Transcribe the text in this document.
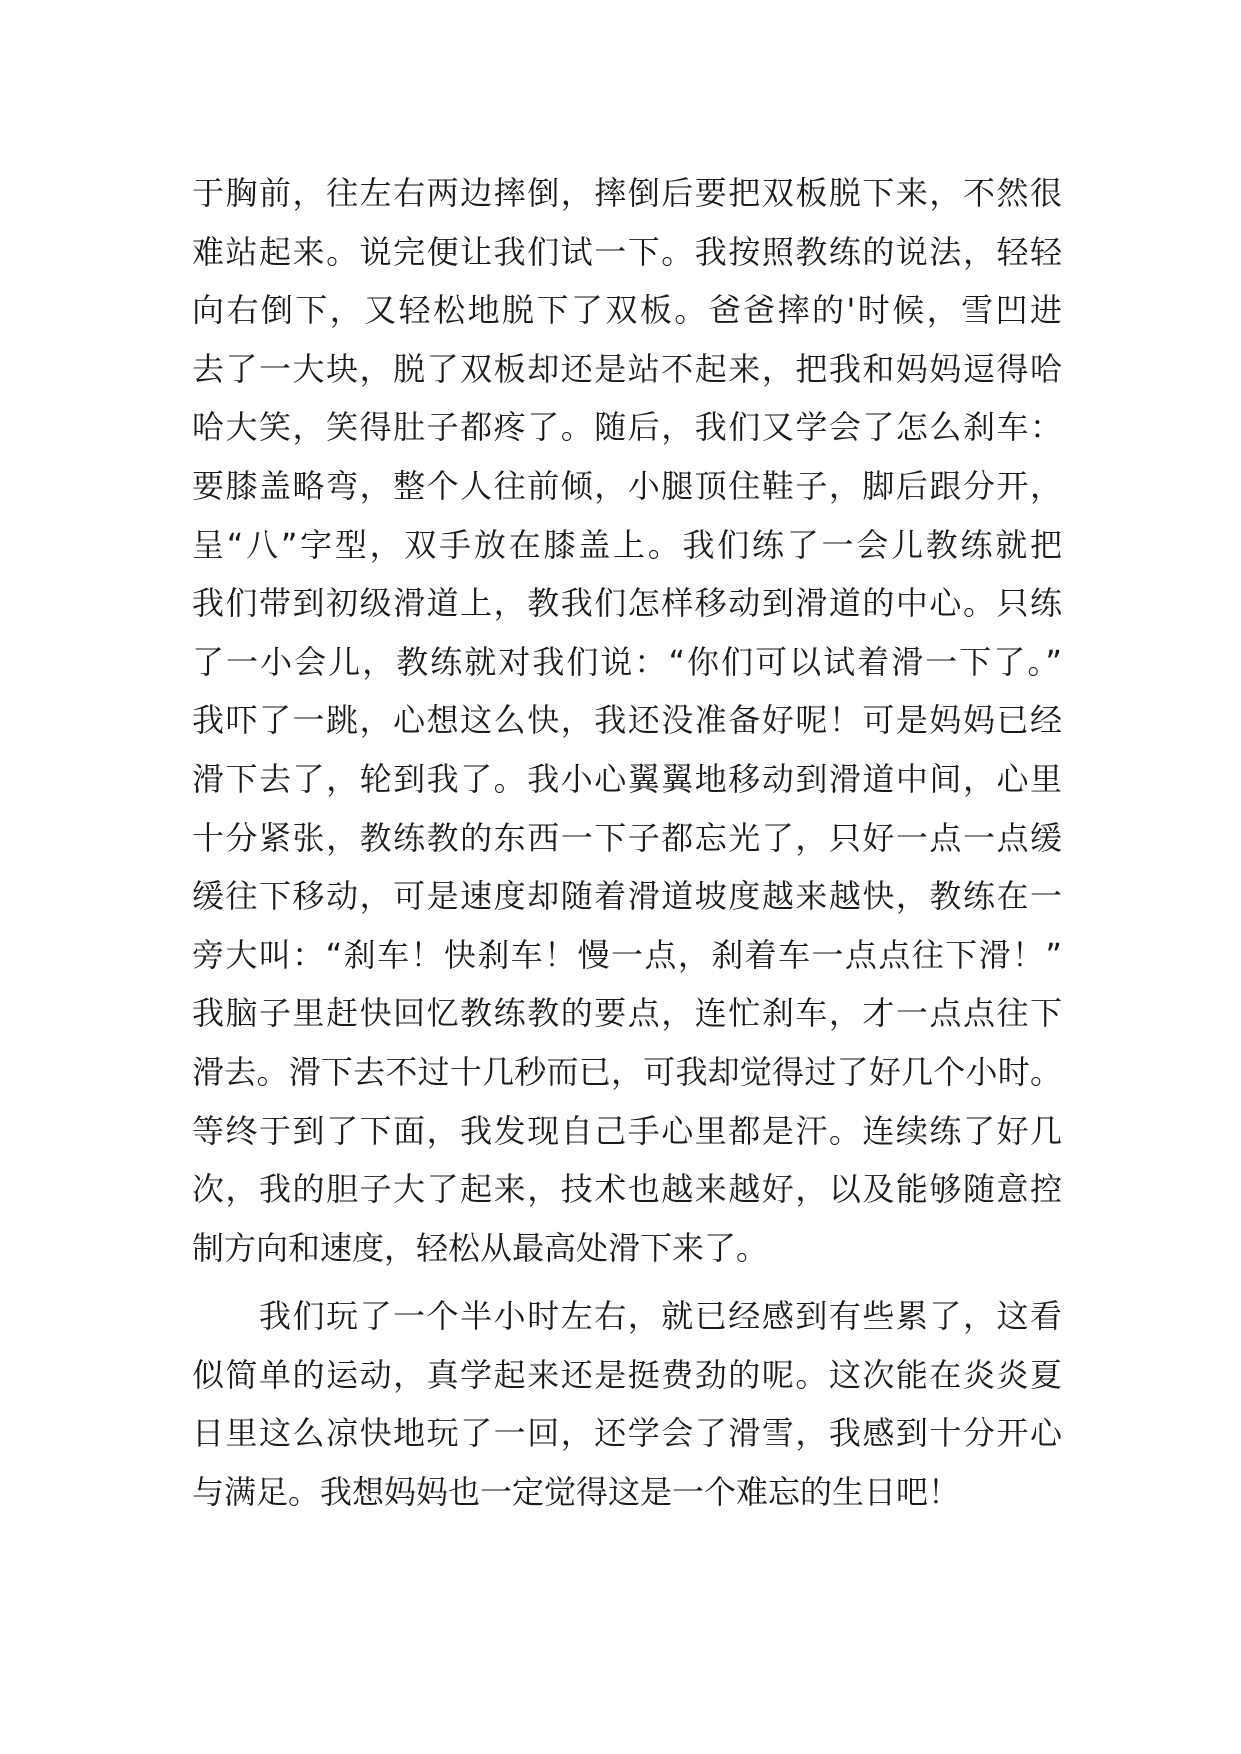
于胸前，往左右两边摔倒，摔倒后要把双板脱下来，不然很
难站起来。说完便让我们试一下。我按照教练的说法，轻轻
向右倒下，又轻松地脱下了双板。爸爸摔的'时候，雪凹进
去了一大块，脱了双板却还是站不起来，把我和妈妈逗得哈
哈大笑，笑得肚子都疼了。随后，我们又学会了怎么刹车：
要膝盖略弯，整个人往前倾，小腿顶住鞋子，脚后跟分开，
呈“八”字型，双手放在膝盖上。我们练了一会儿教练就把
我们带到初级滑道上，教我们怎样移动到滑道的中心。只练
了一小会儿，教练就对我们说：“你们可以试着滑一下了。”
我吓了一跳，心想这么快，我还没准备好呢！可是妈妈已经
滑下去了，轮到我了。我小心翼翼地移动到滑道中间，心里
十分紧张，教练教的东西一下子都忘光了，只好一点一点缓
缓往下移动，可是速度却随着滑道坡度越来越快，教练在一
旁大叫：“刹车！快刹车！慢一点，刹着车一点点往下滑！”
我脑子里赶快回忆教练教的要点，连忙刹车，才一点点往下
滑去。滑下去不过十几秒而已，可我却觉得过了好几个小时。
等终于到了下面，我发现自己手心里都是汗。连续练了好几
次，我的胆子大了起来，技术也越来越好，以及能够随意控
制方向和速度，轻松从最高处滑下来了。
　　我们玩了一个半小时左右，就已经感到有些累了，这看
似简单的运动，真学起来还是挺费劲的呢。这次能在炎炎夏
日里这么凉快地玩了一回，还学会了滑雪，我感到十分开心
与满足。我想妈妈也一定觉得这是一个难忘的生日吧！
